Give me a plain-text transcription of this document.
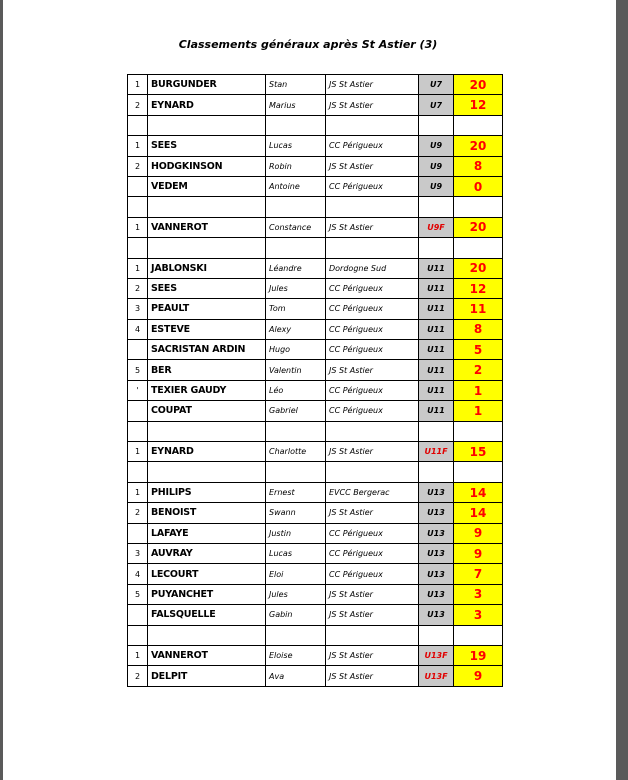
Classements généraux après St Astier (3)
1	BURGUNDER	Stan	JS St Astier	U7	20
2	EYNARD	Marius	JS St Astier	U7	12

1	SEES	Lucas	CC Périgueux	U9	20
2	HODGKINSON	Robin	JS St Astier	U9	8
	VEDEM	Antoine	CC Périgueux	U9	0

1	VANNEROT	Constance	JS St Astier	U9F	20

1	JABLONSKI	Léandre	Dordogne Sud	U11	20
2	SEES	Jules	CC Périgueux	U11	12
3	PEAULT	Tom	CC Périgueux	U11	11
4	ESTEVE	Alexy	CC Périgueux	U11	8
	SACRISTAN ARDIN	Hugo	CC Périgueux	U11	5
5	BER	Valentin	JS St Astier	U11	2
'	TEXIER GAUDY	Léo	CC Périgueux	U11	1
	COUPAT	Gabriel	CC Périgueux	U11	1

1	EYNARD	Charlotte	JS St Astier	U11F	15

1	PHILIPS	Ernest	EVCC Bergerac	U13	14
2	BENOIST	Swann	JS St Astier	U13	14
	LAFAYE	Justin	CC Périgueux	U13	9
3	AUVRAY	Lucas	CC Périgueux	U13	9
4	LECOURT	Eloi	CC Périgueux	U13	7
5	PUYANCHET	Jules	JS St Astier	U13	3
	FALSQUELLE	Gabin	JS St Astier	U13	3

1	VANNEROT	Eloise	JS St Astier	U13F	19
2	DELPIT	Ava	JS St Astier	U13F	9
